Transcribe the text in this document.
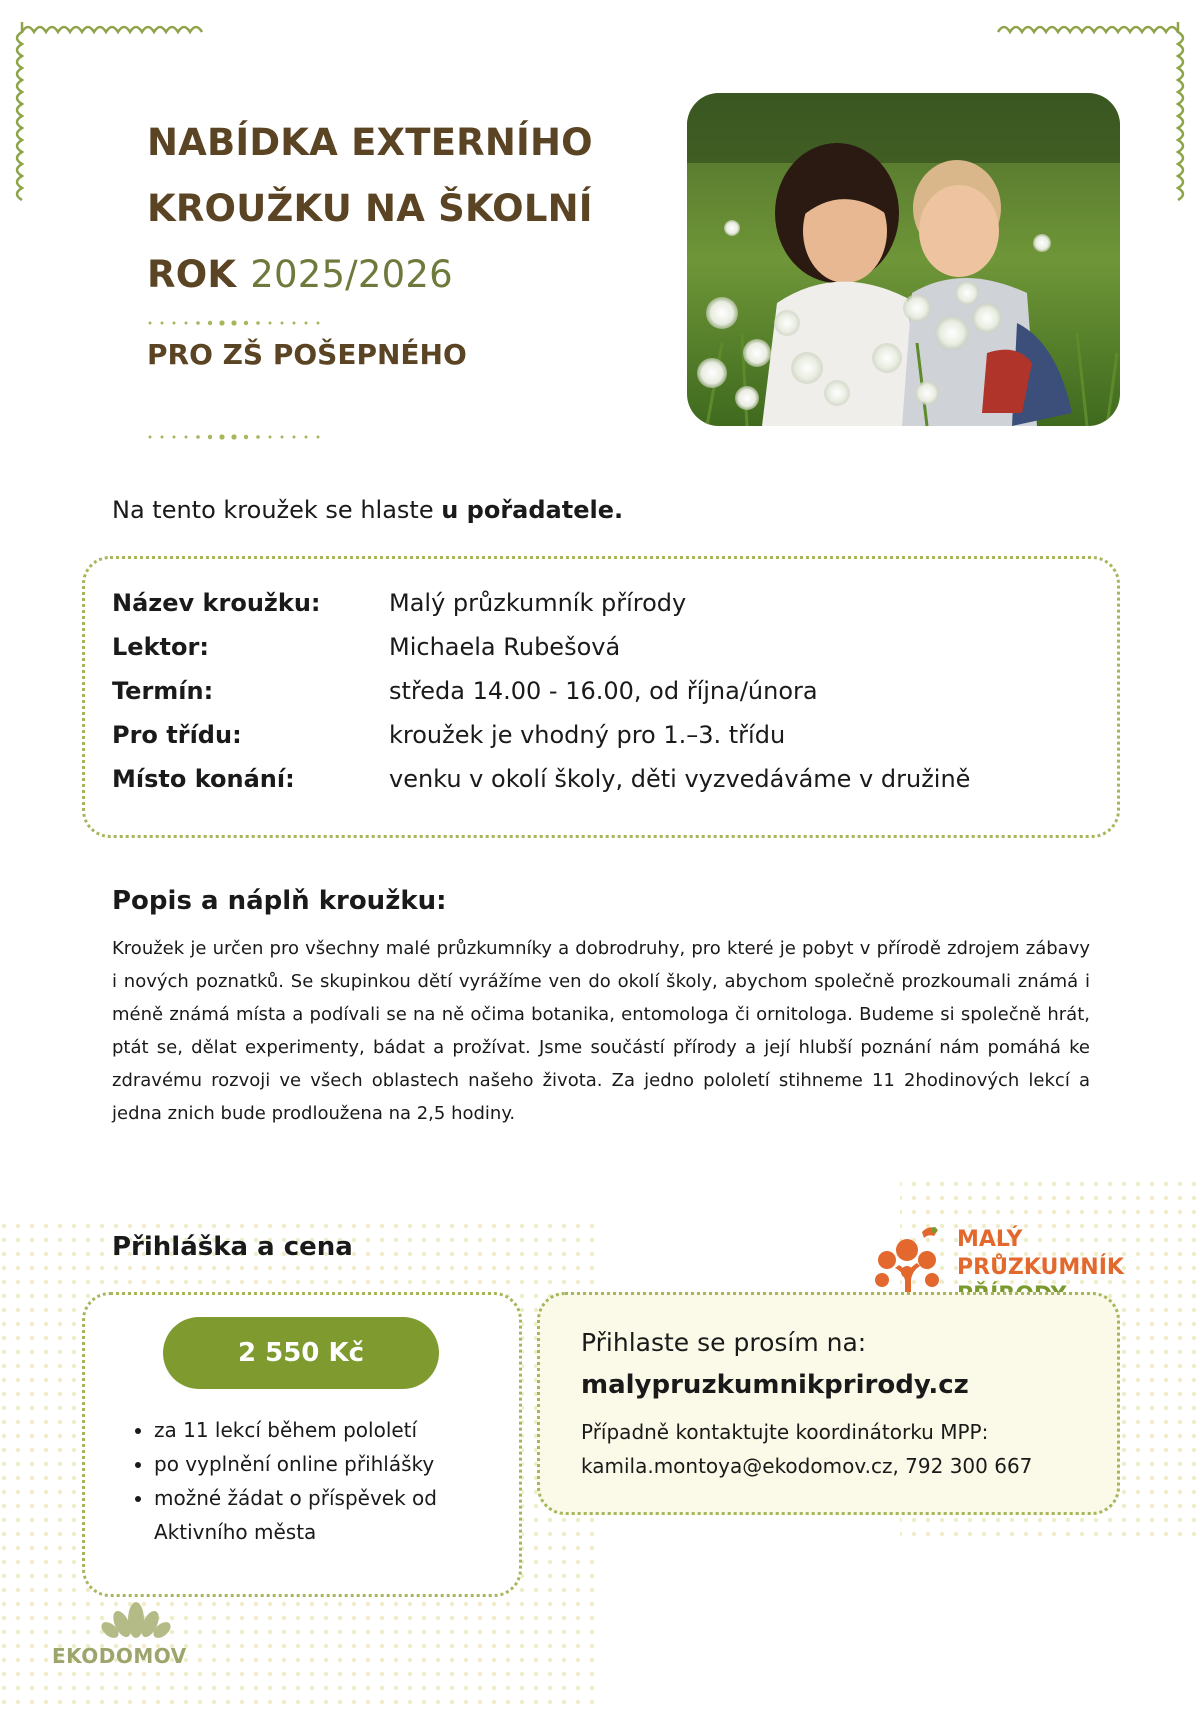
NABÍDKA EXTERNÍHO
KROUŽKU NA ŠKOLNÍ
ROK 2025/2026
PRO ZŠ POŠEPNÉHO
Na tento kroužek se hlaste u pořadatele.
Název kroužku:	Malý průzkumník přírody
Lektor:	Michaela Rubešová
Termín:	středa 14.00 - 16.00, od října/února
Pro třídu:	kroužek je vhodný pro 1.–3. třídu
Místo konání:	venku v okolí školy, děti vyzvedáváme v družině
Popis a náplň kroužku:
Kroužek je určen pro všechny malé průzkumníky a dobrodruhy, pro které je pobyt v přírodě zdrojem zábavy i nových poznatků. Se skupinkou dětí vyrážíme ven do okolí školy, abychom společně prozkoumali známá i méně známá místa a podívali se na ně očima botanika, entomologa či ornitologa. Budeme si společně hrát, ptát se, dělat experimenty, bádat a prožívat. Jsme součástí přírody a její hlubší poznání nám pomáhá ke zdravému rozvoji ve všech oblastech našeho života. Za jedno pololetí stihneme 11 2hodinových lekcí a jedna znich bude prodloužena na 2,5 hodiny.
Přihláška a cena	MALÝ
PRŮZKUMNÍK
2 550 Kč
• za 11 lekcí během pololetí
• po vyplnění online přihlášky
• možné žádat o příspěvek od Aktivního města
Přihlaste se prosím na:
malypruzkumnikprirody.cz
Případně kontaktujte koordinátorku MPP:
kamila.montoya@ekodomov.cz, 792 300 667
EKODOMOV
